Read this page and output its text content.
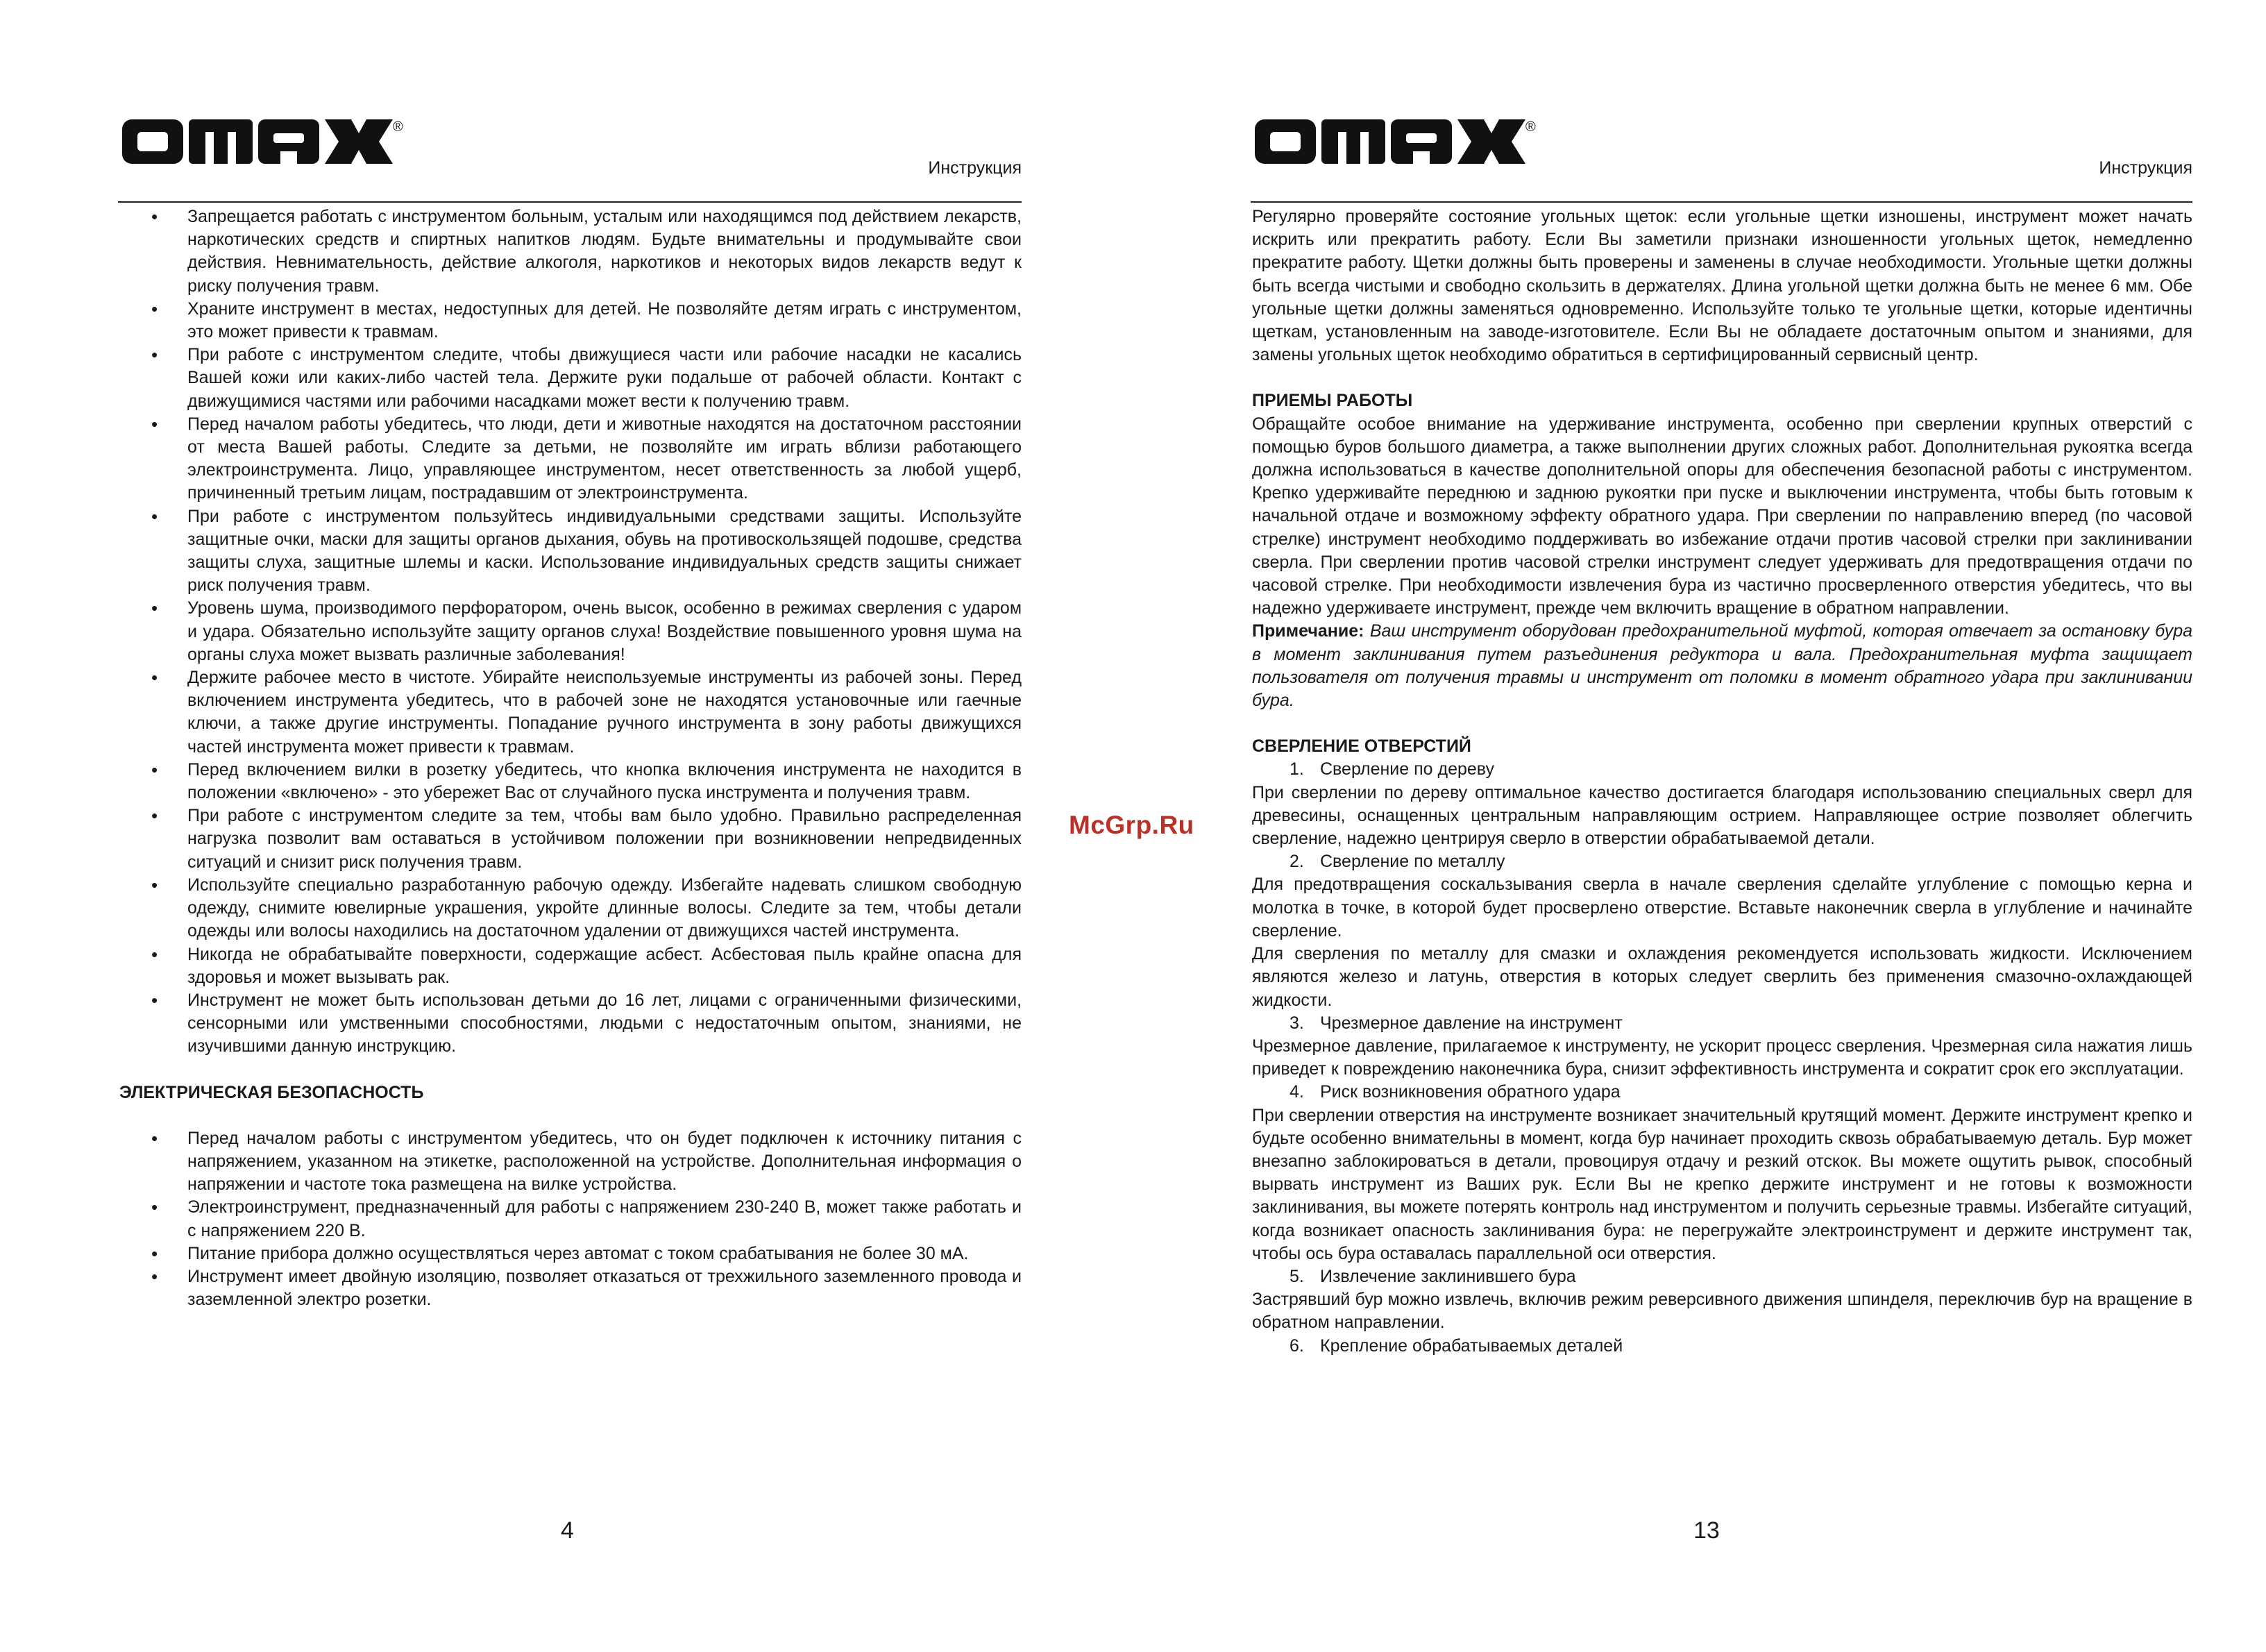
®
Инструкция
• Запрещается работать с инструментом больным, усталым или находящимся под действием лекарств, наркотических средств и спиртных напитков людям. Будьте внимательны и продумывайте свои действия. Невнимательность, действие алкоголя, наркотиков и некоторых видов лекарств ведут к риску получения травм.
• Храните инструмент в местах, недоступных для детей. Не позволяйте детям играть с инструментом, это может привести к травмам.
• При работе с инструментом следите, чтобы движущиеся части или рабочие насадки не касались Вашей кожи или каких-либо частей тела. Держите руки подальше от рабочей области. Контакт с движущимися частями или рабочими насадками может вести к получению травм.
• Перед началом работы убедитесь, что люди, дети и животные находятся на достаточном расстоянии от места Вашей работы. Следите за детьми, не позволяйте им играть вблизи работающего электроинструмента. Лицо, управляющее инструментом, несет ответственность за любой ущерб, причиненный третьим лицам, пострадавшим от электроинструмента.
• При работе с инструментом пользуйтесь индивидуальными средствами защиты. Используйте защитные очки, маски для защиты органов дыхания, обувь на противоскользящей подошве, средства защиты слуха, защитные шлемы и каски. Использование индивидуальных средств защиты снижает риск получения травм.
• Уровень шума, производимого перфоратором, очень высок, особенно в режимах сверления с ударом и удара. Обязательно используйте защиту органов слуха! Воздействие повышенного уровня шума на органы слуха может вызвать различные заболевания!
• Держите рабочее место в чистоте. Убирайте неиспользуемые инструменты из рабочей зоны. Перед включением инструмента убедитесь, что в рабочей зоне не находятся установочные или гаечные ключи, а также другие инструменты. Попадание ручного инструмента в зону работы движущихся частей инструмента может привести к травмам.
• Перед включением вилки в розетку убедитесь, что кнопка включения инструмента не находится в положении «включено» - это убережет Вас от случайного пуска инструмента и получения травм.
• При работе с инструментом следите за тем, чтобы вам было удобно. Правильно распределенная нагрузка позволит вам оставаться в устойчивом положении при возникновении непредвиденных ситуаций и снизит риск получения травм.
• Используйте специально разработанную рабочую одежду. Избегайте надевать слишком свободную одежду, снимите ювелирные украшения, укройте длинные волосы. Следите за тем, чтобы детали одежды или волосы находились на достаточном удалении от движущихся частей инструмента.
• Никогда не обрабатывайте поверхности, содержащие асбест. Асбестовая пыль крайне опасна для здоровья и может вызывать рак.
• Инструмент не может быть использован детьми до 16 лет, лицами с ограниченными физическими, сенсорными или умственными способностями, людьми с недостаточным опытом, знаниями, не изучившими данную инструкцию.

ЭЛЕКТРИЧЕСКАЯ БЕЗОПАСНОСТЬ

• Перед началом работы с инструментом убедитесь, что он будет подключен к источнику питания с напряжением, указанном на этикетке, расположенной на устройстве. Дополнительная информация о напряжении и частоте тока размещена на вилке устройства.
• Электроинструмент, предназначенный для работы с напряжением 230-240 В, может также работать и с напряжением 220 В.
• Питание прибора должно осуществляться через автомат с током срабатывания не более 30 мА.
• Инструмент имеет двойную изоляцию, позволяет отказаться от трехжильного заземленного провода и заземленной электро розетки.
4
®
Инструкция

Регулярно проверяйте состояние угольных щеток: если угольные щетки изношены, инструмент может начать искрить или прекратить работу. Если Вы заметили признаки изношенности угольных щеток, немедленно прекратите работу. Щетки должны быть проверены и заменены в случае необходимости. Угольные щетки должны быть всегда чистыми и свободно скользить в держателях. Длина угольной щетки должна быть не менее 6 мм. Обе угольные щетки должны заменяться одновременно. Используйте только те угольные щетки, которые идентичны щеткам, установленным на заводе-изготовителе. Если Вы не обладаете достаточным опытом и знаниями, для замены угольных щеток необходимо обратиться в сертифицированный сервисный центр.

ПРИЕМЫ РАБОТЫ

Обращайте особое внимание на удерживание инструмента, особенно при сверлении крупных отверстий с помощью буров большого диаметра, а также выполнении других сложных работ. Дополнительная рукоятка всегда должна использоваться в качестве дополнительной опоры для обеспечения безопасной работы с инструментом. Крепко удерживайте переднюю и заднюю рукоятки при пуске и выключении инструмента, чтобы быть готовым к начальной отдаче и возможному эффекту обратного удара. При сверлении по направлению вперед (по часовой стрелке) инструмент необходимо поддерживать во избежание отдачи против часовой стрелки при заклинивании сверла. При сверлении против часовой стрелки инструмент следует удерживать для предотвращения отдачи по часовой стрелке. При необходимости извлечения бура из частично просверленного отверстия убедитесь, что вы надежно удерживаете инструмент, прежде чем включить вращение в обратном направлении.

Примечание: Ваш инструмент оборудован предохранительной муфтой, которая отвечает за остановку бура в момент заклинивания путем разъединения редуктора и вала. Предохранительная муфта защищает пользователя от получения травмы и инструмент от поломки в момент обратного удара при заклинивании бура.

СВЕРЛЕНИЕ ОТВЕРСТИЙ

1. Сверление по дереву

При сверлении по дереву оптимальное качество достигается благодаря использованию специальных сверл для древесины, оснащенных центральным направляющим острием. Направляющее острие позволяет облегчить сверление, надежно центрируя сверло в отверстии обрабатываемой детали.

2. Сверление по металлу

Для предотвращения соскальзывания сверла в начале сверления сделайте углубление с помощью керна и молотка в точке, в которой будет просверлено отверстие. Вставьте наконечник сверла в углубление и начинайте сверление.

Для сверления по металлу для смазки и охлаждения рекомендуется использовать жидкости. Исключением являются железо и латунь, отверстия в которых следует сверлить без применения смазочно-охлаждающей жидкости.

3. Чрезмерное давление на инструмент

Чрезмерное давление, прилагаемое к инструменту, не ускорит процесс сверления. Чрезмерная сила нажатия лишь приведет к повреждению наконечника бура, снизит эффективность инструмента и сократит срок его эксплуатации.

4. Риск возникновения обратного удара

При сверлении отверстия на инструменте возникает значительный крутящий момент. Держите инструмент крепко и будьте особенно внимательны в момент, когда бур начинает проходить сквозь обрабатываемую деталь. Бур может внезапно заблокироваться в детали, провоцируя отдачу и резкий отскок. Вы можете ощутить рывок, способный вырвать инструмент из Ваших рук. Если Вы не крепко держите инструмент и не готовы к возможности заклинивания, вы можете потерять контроль над инструментом и получить серьезные травмы. Избегайте ситуаций, когда возникает опасность заклинивания бура: не перегружайте электроинструмент и держите инструмент так, чтобы ось бура оставалась параллельной оси отверстия.

5. Извлечение заклинившего бура

Застрявший бур можно извлечь, включив режим реверсивного движения шпинделя, переключив бур на вращение в обратном направлении.

6. Крепление обрабатываемых деталей

13
McGrp.Ru
